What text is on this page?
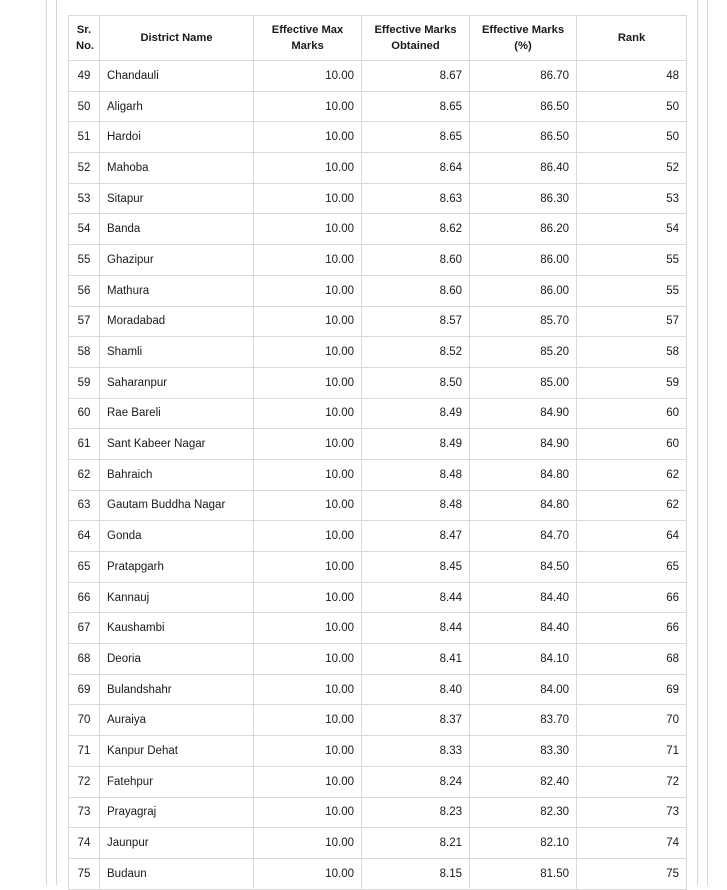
Sr. No.	District Name	Effective Max Marks	Effective Marks Obtained	Effective Marks (%)	Rank
49	Chandauli	10.00	8.67	86.70	48
50	Aligarh	10.00	8.65	86.50	50
51	Hardoi	10.00	8.65	86.50	50
52	Mahoba	10.00	8.64	86.40	52
53	Sitapur	10.00	8.63	86.30	53
54	Banda	10.00	8.62	86.20	54
55	Ghazipur	10.00	8.60	86.00	55
56	Mathura	10.00	8.60	86.00	55
57	Moradabad	10.00	8.57	85.70	57
58	Shamli	10.00	8.52	85.20	58
59	Saharanpur	10.00	8.50	85.00	59
60	Rae Bareli	10.00	8.49	84.90	60
61	Sant Kabeer Nagar	10.00	8.49	84.90	60
62	Bahraich	10.00	8.48	84.80	62
63	Gautam Buddha Nagar	10.00	8.48	84.80	62
64	Gonda	10.00	8.47	84.70	64
65	Pratapgarh	10.00	8.45	84.50	65
66	Kannauj	10.00	8.44	84.40	66
67	Kaushambi	10.00	8.44	84.40	66
68	Deoria	10.00	8.41	84.10	68
69	Bulandshahr	10.00	8.40	84.00	69
70	Auraiya	10.00	8.37	83.70	70
71	Kanpur Dehat	10.00	8.33	83.30	71
72	Fatehpur	10.00	8.24	82.40	72
73	Prayagraj	10.00	8.23	82.30	73
74	Jaunpur	10.00	8.21	82.10	74
75	Budaun	10.00	8.15	81.50	75
